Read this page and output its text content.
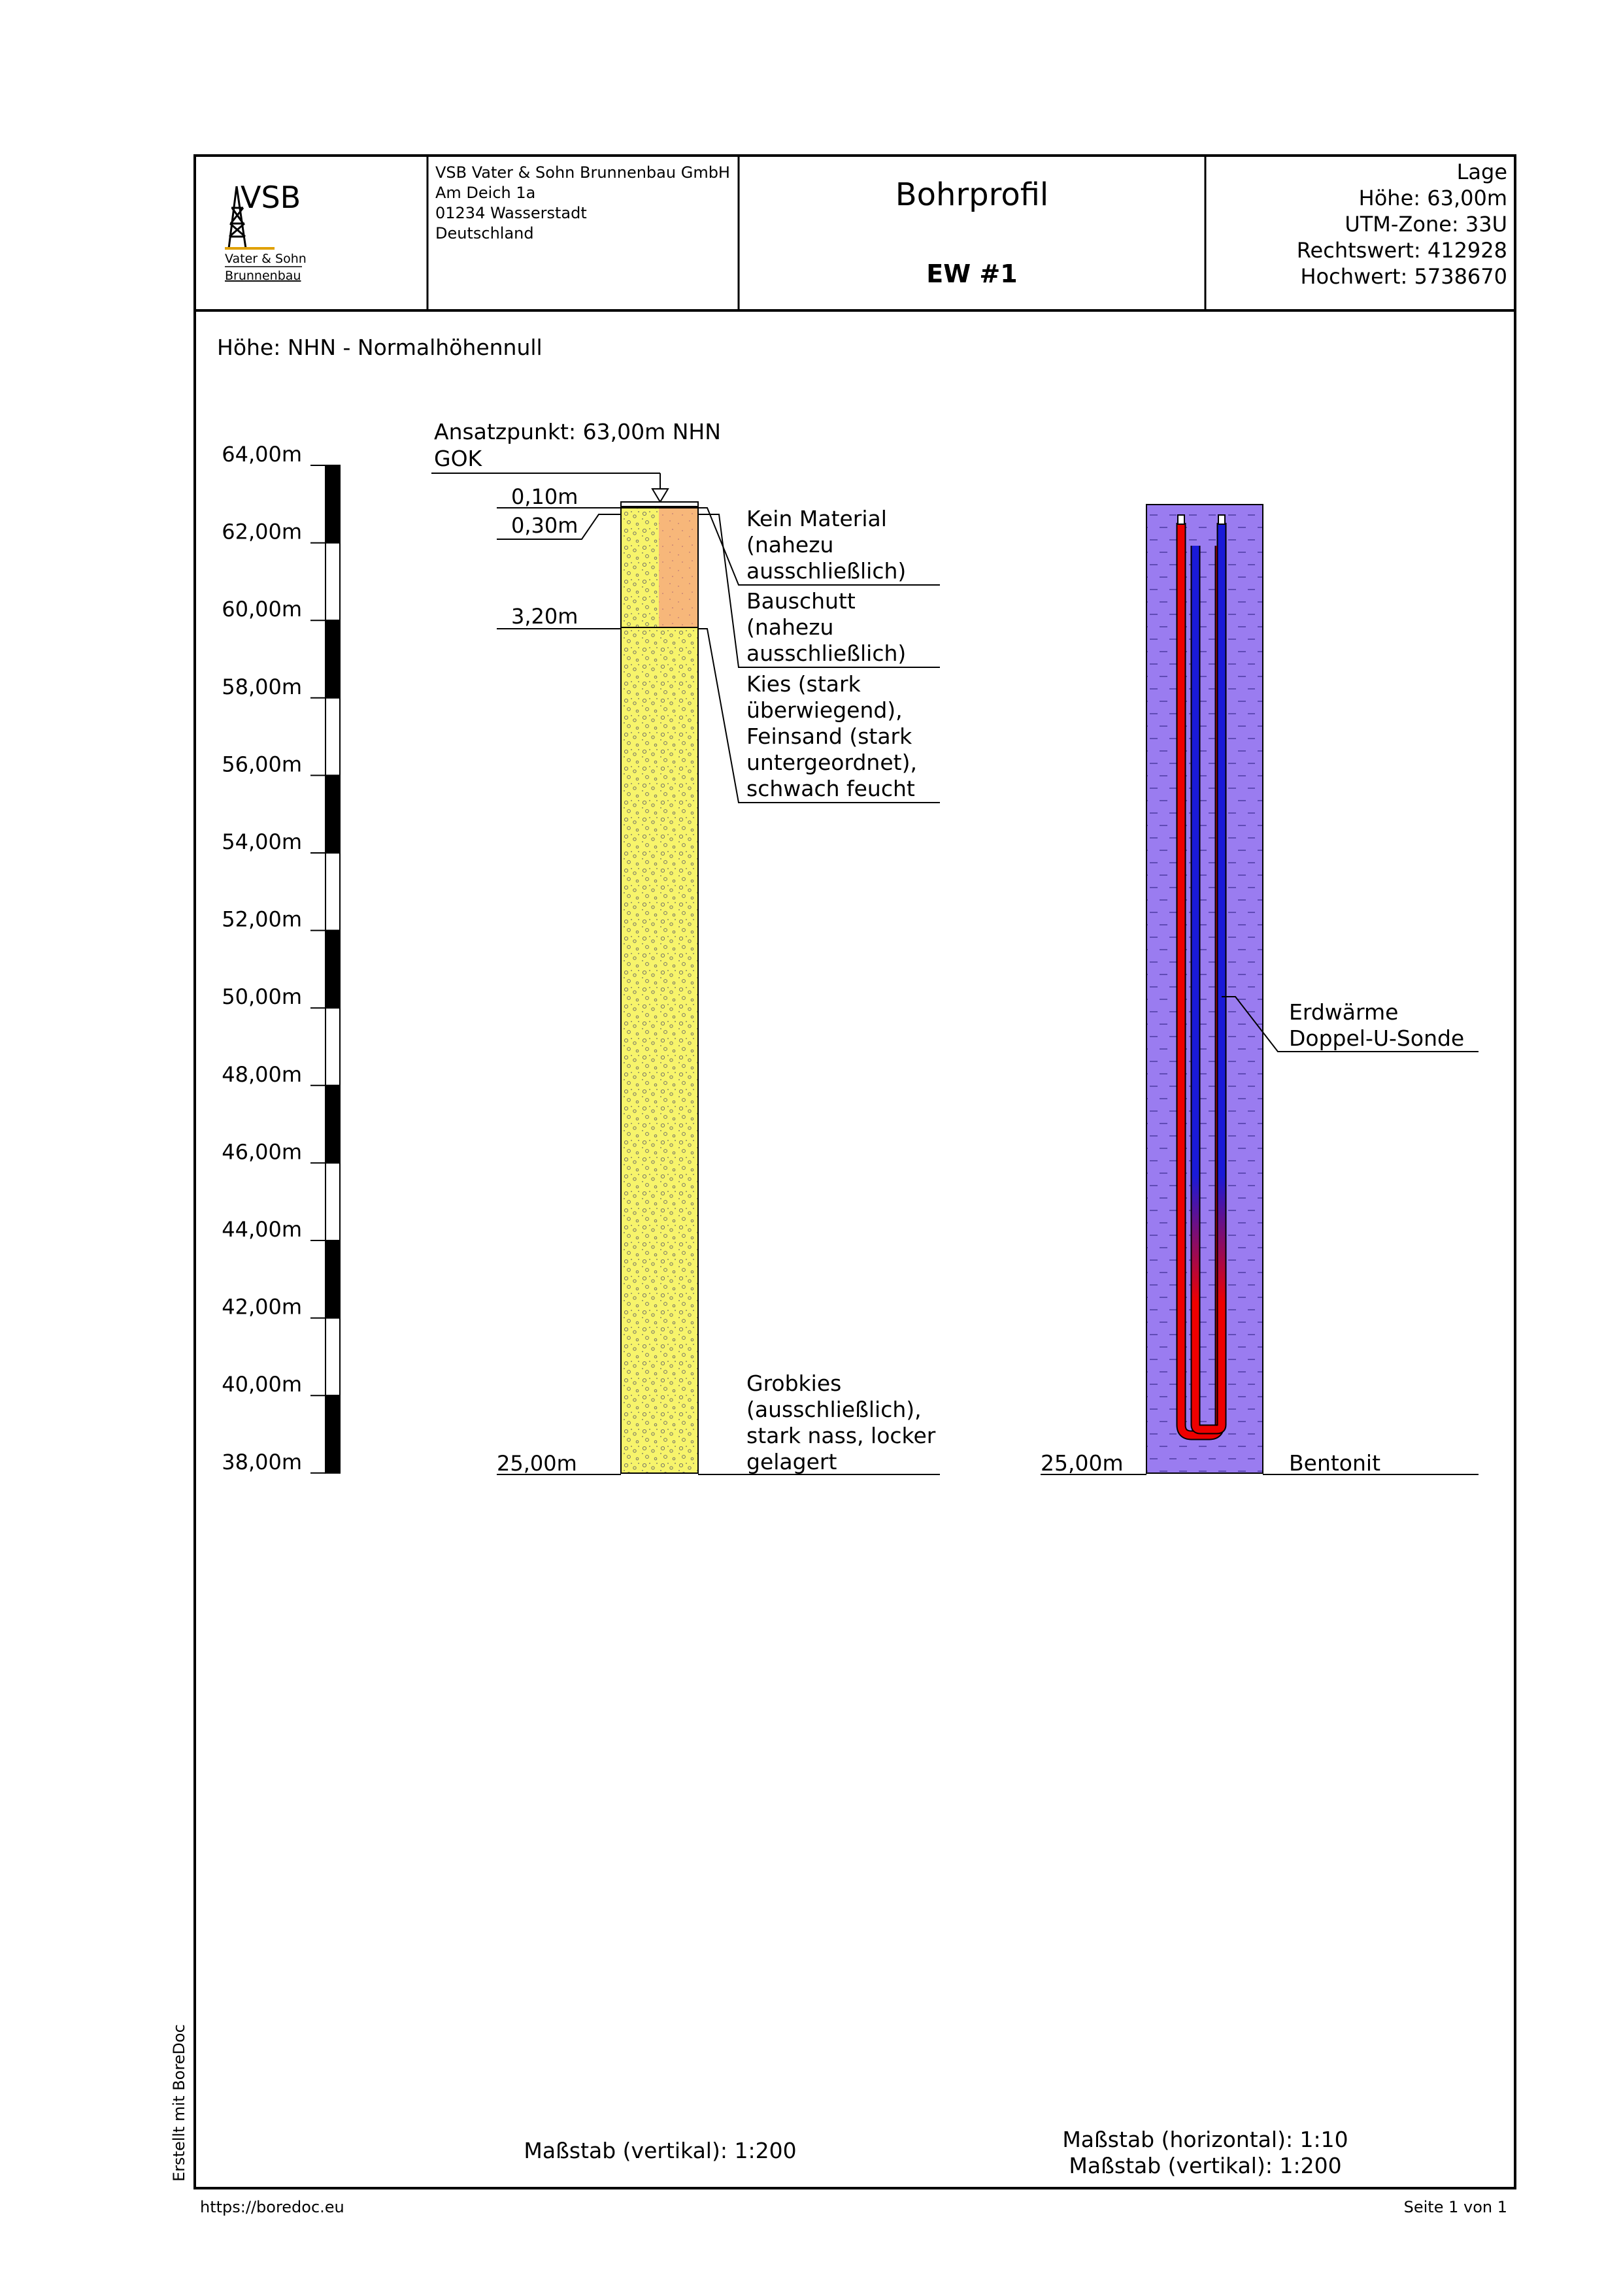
VSB
Vater & Sohn
Brunnenbau
VSB Vater & Sohn Brunnenbau GmbH
Am Deich 1a
01234 Wasserstadt
Deutschland
Bohrprofil
EW #1
Lage
Höhe: 63,00m
UTM-Zone: 33U
Rechtswert: 412928
Hochwert: 5738670
Höhe: NHN - Normalhöhennull
64,00m
62,00m
60,00m
58,00m
56,00m
54,00m
52,00m
50,00m
48,00m
46,00m
44,00m
42,00m
40,00m
38,00m
Ansatzpunkt: 63,00m NHN
GOK
0,10m
0,30m
3,20m
25,00m
Kein Material
(nahezu
ausschließlich)
Bauschutt
(nahezu
ausschließlich)
Kies (stark
überwiegend),
Feinsand (stark
untergeordnet),
schwach feucht
Grobkies
(ausschließlich),
stark nass, locker
gelagert
Erdwärme
Doppel-U-Sonde
25,00m	Bentonit
Maßstab (vertikal): 1:200	Maßstab (horizontal): 1:10
Maßstab (vertikal): 1:200
Erstellt mit BoreDoc
https://boredoc.eu	Seite 1 von 1
